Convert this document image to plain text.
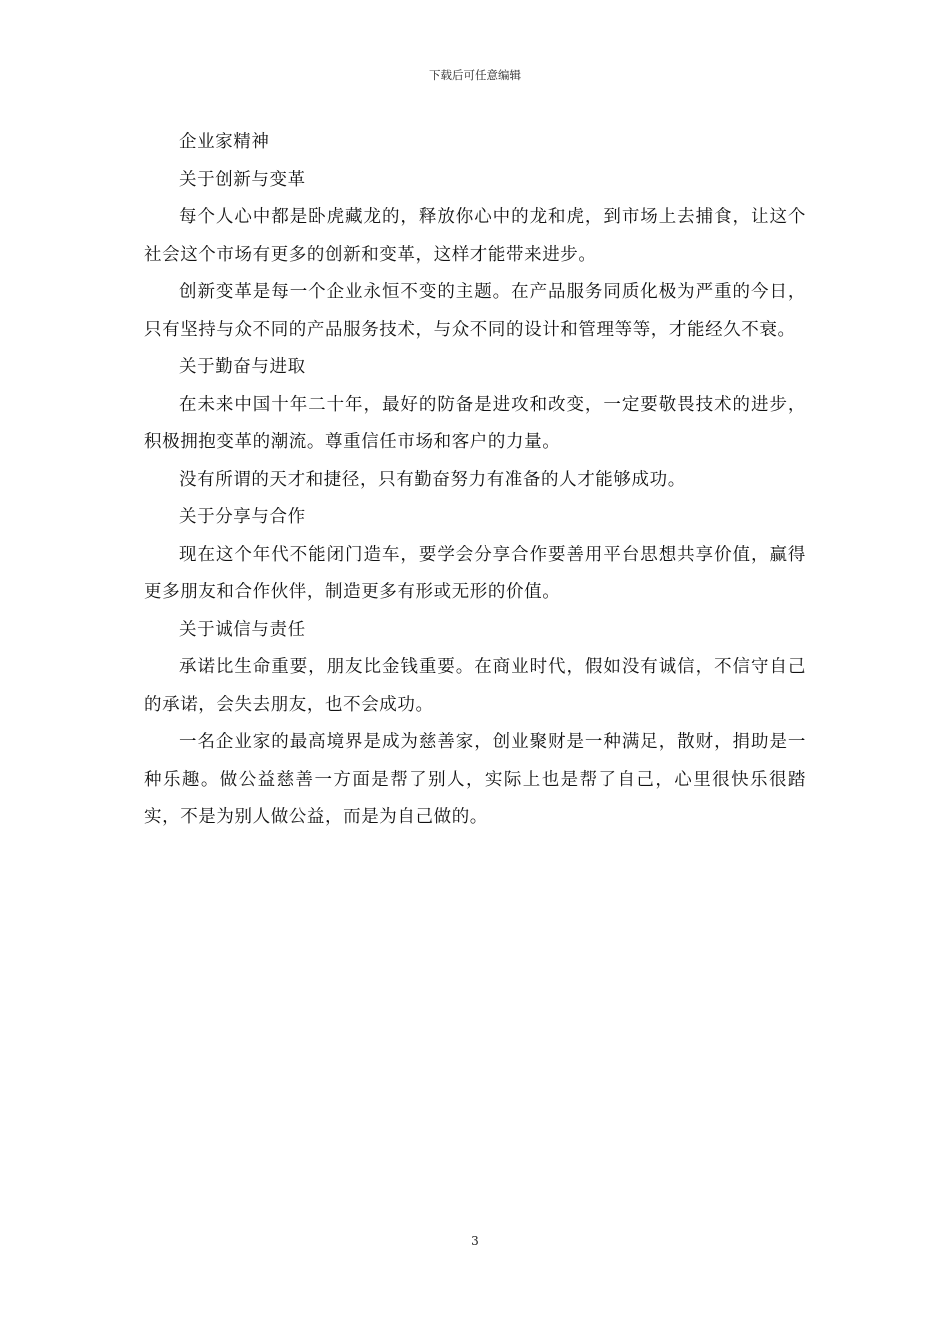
下载后可任意编辑

企业家精神

关于创新与变革

每个人心中都是卧虎藏龙的，释放你心中的龙和虎，到市场上去捕食，让这个社会这个市场有更多的创新和变革，这样才能带来进步。

创新变革是每一个企业永恒不变的主题。在产品服务同质化极为严重的今日，只有坚持与众不同的产品服务技术，与众不同的设计和管理等等，才能经久不衰。

关于勤奋与进取

在未来中国十年二十年，最好的防备是进攻和改变，一定要敬畏技术的进步，积极拥抱变革的潮流。尊重信任市场和客户的力量。

没有所谓的天才和捷径，只有勤奋努力有准备的人才能够成功。

关于分享与合作

现在这个年代不能闭门造车，要学会分享合作要善用平台思想共享价值，赢得更多朋友和合作伙伴，制造更多有形或无形的价值。

关于诚信与责任

承诺比生命重要，朋友比金钱重要。在商业时代，假如没有诚信，不信守自己的承诺，会失去朋友，也不会成功。

一名企业家的最高境界是成为慈善家，创业聚财是一种满足，散财，捐助是一种乐趣。做公益慈善一方面是帮了别人，实际上也是帮了自己，心里很快乐很踏实，不是为别人做公益，而是为自己做的。

3
